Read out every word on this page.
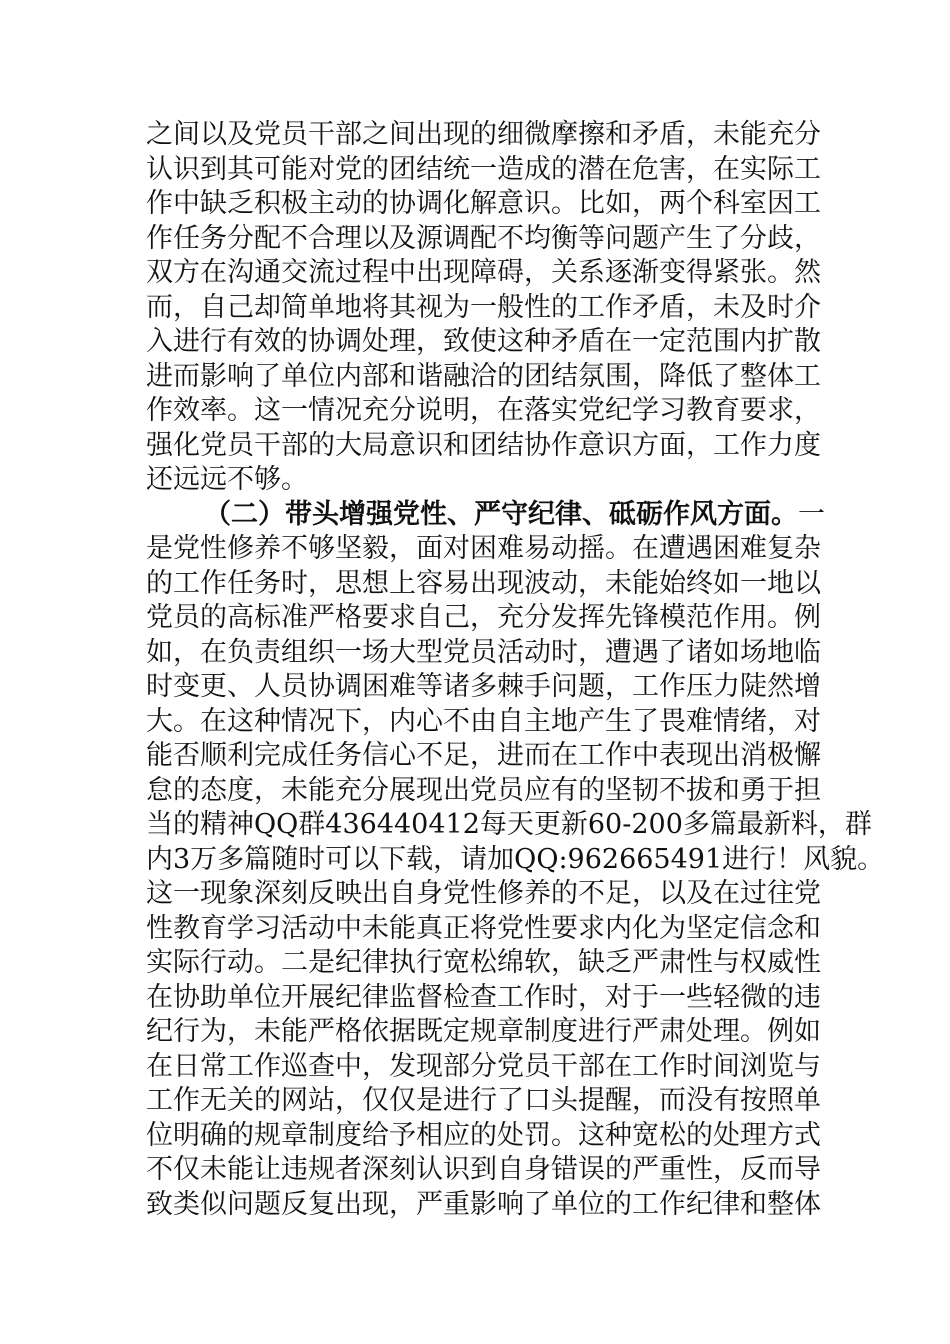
之间以及党员干部之间出现的细微摩擦和矛盾，未能充分
认识到其可能对党的团结统一造成的潜在危害，在实际工
作中缺乏积极主动的协调化解意识。比如，两个科室因工
作任务分配不合理以及源调配不均衡等问题产生了分歧，
双方在沟通交流过程中出现障碍，关系逐渐变得紧张。然
而，自己却简单地将其视为一般性的工作矛盾，未及时介
入进行有效的协调处理，致使这种矛盾在一定范围内扩散
进而影响了单位内部和谐融洽的团结氛围，降低了整体工
作效率。这一情况充分说明，在落实党纪学习教育要求，
强化党员干部的大局意识和团结协作意识方面，工作力度
还远远不够。
（二）带头增强党性、严守纪律、砥砺作风方面。一
是党性修养不够坚毅，面对困难易动摇。在遭遇困难复杂
的工作任务时，思想上容易出现波动，未能始终如一地以
党员的高标准严格要求自己，充分发挥先锋模范作用。例
如，在负责组织一场大型党员活动时，遭遇了诸如场地临
时变更、人员协调困难等诸多棘手问题，工作压力陡然增
大。在这种情况下，内心不由自主地产生了畏难情绪，对
能否顺利完成任务信心不足，进而在工作中表现出消极懈
怠的态度，未能充分展现出党员应有的坚韧不拔和勇于担
当的精神QQ群436440412每天更新60-200多篇最新料，群
内3万多篇随时可以下载，请加QQ:962665491进行！风貌。
这一现象深刻反映出自身党性修养的不足，以及在过往党
性教育学习活动中未能真正将党性要求内化为坚定信念和
实际行动。二是纪律执行宽松绵软，缺乏严肃性与权威性
在协助单位开展纪律监督检查工作时，对于一些轻微的违
纪行为，未能严格依据既定规章制度进行严肃处理。例如
在日常工作巡查中，发现部分党员干部在工作时间浏览与
工作无关的网站，仅仅是进行了口头提醒，而没有按照单
位明确的规章制度给予相应的处罚。这种宽松的处理方式
不仅未能让违规者深刻认识到自身错误的严重性，反而导
致类似问题反复出现，严重影响了单位的工作纪律和整体
